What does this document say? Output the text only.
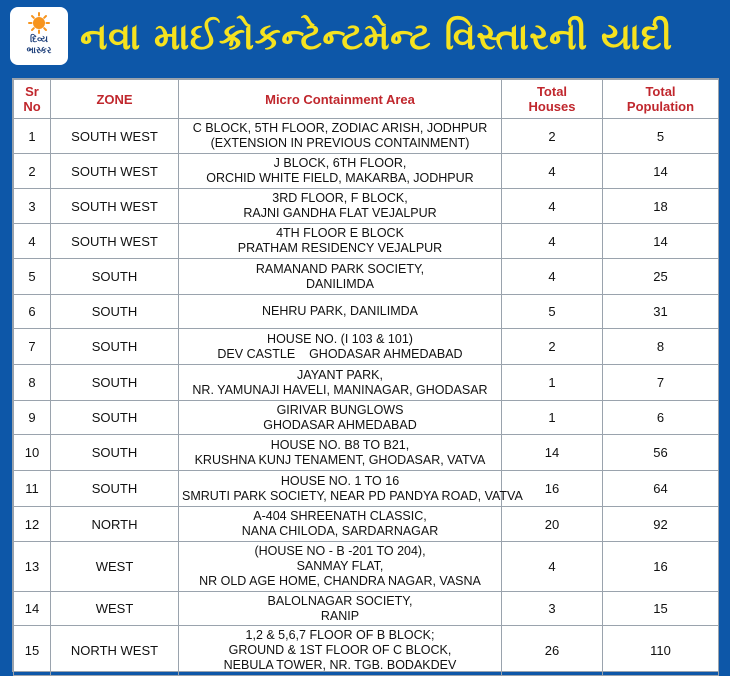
દિવ્ય
ભાસ્કર નવા માઈક્રોકન્ટેન્ટમેન્ટ વિસ્તારની યાદી
Sr No	ZONE	Micro Containment Area	Total Houses	Total Population
1	SOUTH WEST	C BLOCK, 5TH FLOOR, ZODIAC ARISH, JODHPUR
(EXTENSION IN PREVIOUS CONTAINMENT)	2	5
2	SOUTH WEST	J BLOCK, 6TH FLOOR,
ORCHID WHITE FIELD, MAKARBA, JODHPUR	4	14
3	SOUTH WEST	3RD FLOOR, F BLOCK,
RAJNI GANDHA FLAT VEJALPUR	4	18
4	SOUTH WEST	4TH FLOOR E BLOCK
PRATHAM RESIDENCY VEJALPUR	4	14
5	SOUTH	RAMANAND PARK SOCIETY,
DANILIMDA	4	25
6	SOUTH	NEHRU PARK, DANILIMDA	5	31
7	SOUTH	HOUSE NO. (I 103 & 101)
DEV CASTLE    GHODASAR AHMEDABAD	2	8
8	SOUTH	JAYANT PARK,
NR. YAMUNAJI HAVELI, MANINAGAR, GHODASAR	1	7
9	SOUTH	GIRIVAR BUNGLOWS
GHODASAR AHMEDABAD	1	6
10	SOUTH	HOUSE NO. B8 TO B21,
KRUSHNA KUNJ TENAMENT, GHODASAR, VATVA	14	56
11	SOUTH	HOUSE NO. 1 TO 16
SMRUTI PARK SOCIETY, NEAR PD PANDYA ROAD, VATVA	16	64
12	NORTH	A-404 SHREENATH CLASSIC,
NANA CHILODA, SARDARNAGAR	20	92
13	WEST	(HOUSE NO - B -201 TO 204),
SANMAY FLAT,
NR OLD AGE HOME, CHANDRA NAGAR, VASNA	4	16
14	WEST	BALOLNAGAR SOCIETY,
RANIP	3	15
15	NORTH WEST	1,2 & 5,6,7 FLOOR OF B BLOCK;
GROUND & 1ST FLOOR OF C BLOCK,
NEBULA TOWER, NR. TGB. BODAKDEV	26	110
